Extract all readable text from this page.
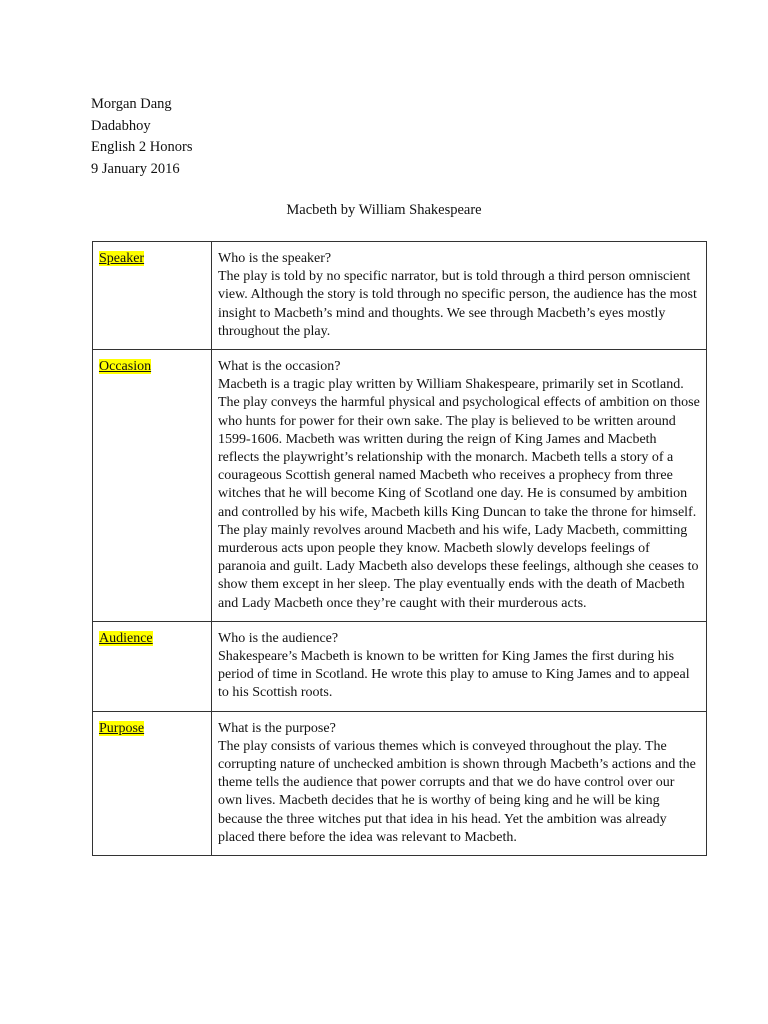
Morgan Dang
Dadabhoy
English 2 Honors
9 January 2016
Macbeth by William Shakespeare
Speaker	Who is the speaker?
The play is told by no specific narrator, but is told through a third person omniscient view. Although the story is told through no specific person, the audience has the most insight to Macbeth’s mind and thoughts. We see through Macbeth’s eyes mostly throughout the play.

Occasion	What is the occasion?
Macbeth is a tragic play written by William Shakespeare, primarily set in Scotland. The play conveys the harmful physical and psychological effects of ambition on those who hunts for power for their own sake. The play is believed to be written around 1599-1606. Macbeth was written during the reign of King James and Macbeth reflects the playwright’s relationship with the monarch. Macbeth tells a story of a courageous Scottish general named Macbeth who receives a prophecy from three witches that he will become King of Scotland one day. He is consumed by ambition and controlled by his wife, Macbeth kills King Duncan to take the throne for himself. The play mainly revolves around Macbeth and his wife, Lady Macbeth, committing murderous acts upon people they know. Macbeth slowly develops feelings of paranoia and guilt. Lady Macbeth also develops these feelings, although she ceases to show them except in her sleep. The play eventually ends with the death of Macbeth and Lady Macbeth once they’re caught with their murderous acts.

Audience	Who is the audience?
Shakespeare’s Macbeth is known to be written for King James the first during his period of time in Scotland. He wrote this play to amuse to King James and to appeal to his Scottish roots.

Purpose	What is the purpose?
The play consists of various themes which is conveyed throughout the play. The corrupting nature of unchecked ambition is shown through Macbeth’s actions and the theme tells the audience that power corrupts and that we do have control over our own lives. Macbeth decides that he is worthy of being king and he will be king because the three witches put that idea in his head. Yet the ambition was already placed there before the idea was relevant to Macbeth.
